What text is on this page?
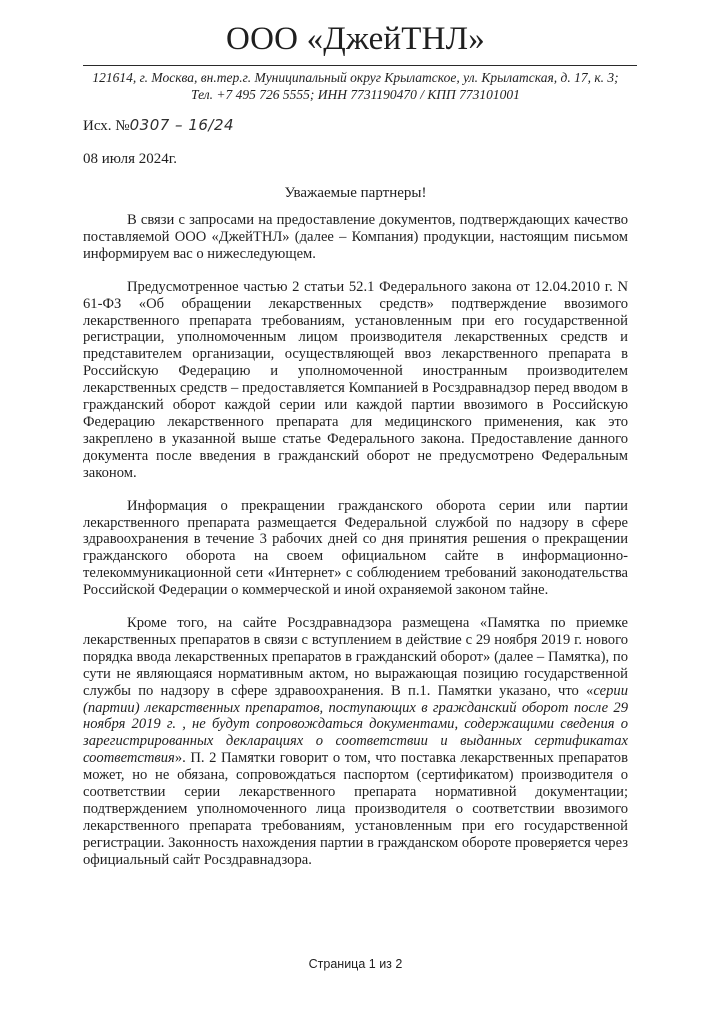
ООО «ДжейТНЛ»
121614, г. Москва, вн.тер.г. Муниципальный округ Крылатское, ул. Крылатская, д. 17, к. 3;
Тел. +7 495 726 5555; ИНН 7731190470 / КПП 773101001
Исх. №0307 – 16/24
08 июля 2024г.
Уважаемые партнеры!

В связи с запросами на предоставление документов, подтверждающих качество поставляемой ООО «ДжейТНЛ» (далее – Компания) продукции, настоящим письмом информируем вас о нижеследующем.

Предусмотренное частью 2 статьи 52.1 Федерального закона от 12.04.2010 г. N 61-ФЗ «Об обращении лекарственных средств» подтверждение ввозимого лекарственного препарата требованиям, установленным при его государственной регистрации, уполномоченным лицом производителя лекарственных средств и представителем организации, осуществляющей ввоз лекарственного препарата в Российскую Федерацию и уполномоченной иностранным производителем лекарственных средств – предоставляется Компанией в Росздравнадзор перед вводом в гражданский оборот каждой серии или каждой партии ввозимого в Российскую Федерацию лекарственного препарата для медицинского применения, как это закреплено в указанной выше статье Федерального закона. Предоставление данного документа после введения в гражданский оборот не предусмотрено Федеральным законом.

Информация о прекращении гражданского оборота серии или партии лекарственного препарата размещается Федеральной службой по надзору в сфере здравоохранения в течение 3 рабочих дней со дня принятия решения о прекращении гражданского оборота на своем официальном сайте в информационно-телекоммуникационной сети «Интернет» с соблюдением требований законодательства Российской Федерации о коммерческой и иной охраняемой законом тайне.

Кроме того, на сайте Росздравнадзора размещена «Памятка по приемке лекарственных препаратов в связи с вступлением в действие с 29 ноября 2019 г. нового порядка ввода лекарственных препаратов в гражданский оборот» (далее – Памятка), по сути не являющаяся нормативным актом, но выражающая позицию государственной службы по надзору в сфере здравоохранения. В п.1. Памятки указано, что «серии (партии) лекарственных препаратов, поступающих в гражданский оборот после 29 ноября 2019 г. , не будут сопровождаться документами, содержащими сведения о зарегистрированных декларациях о соответствии и выданных сертификатах соответствия». П. 2 Памятки говорит о том, что поставка лекарственных препаратов может, но не обязана, сопровождаться паспортом (сертификатом) производителя о соответствии серии лекарственного препарата нормативной документации; подтверждением уполномоченного лица производителя о соответствии ввозимого лекарственного препарата требованиям, установленным при его государственной регистрации. Законность нахождения партии в гражданском обороте проверяется через официальный сайт Росздравнадзора.

Страница 1 из 2
